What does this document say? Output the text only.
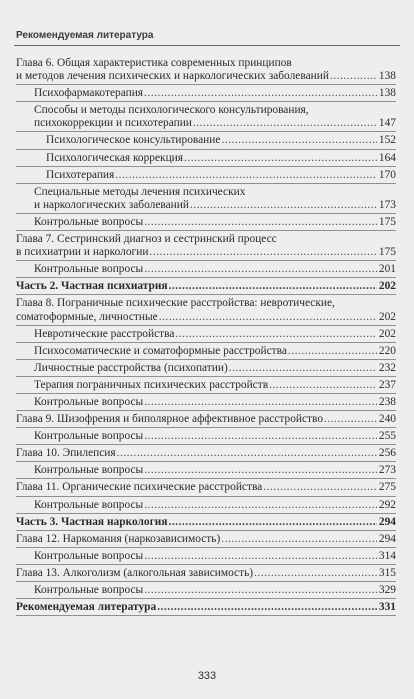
Рекомендуемая литература
Глава 6. Общая характеристика современных принципов
и методов лечения психических и наркологических заболеваний .....	138
Психофармакотерапия .....	138
Способы и методы психологического консультирования,
психокоррекции и психотерапии .....	147
Психологическое консультирование .....	152
Психологическая коррекция .....	164
Психотерапия .....	170
Специальные методы лечения психических
и наркологических заболеваний .....	173
Контрольные вопросы .....	175
Глава 7. Сестринский диагноз и сестринский процесс
в психиатрии и наркологии .....	175
Контрольные вопросы .....	201
Часть 2. Частная психиатрия .....	202
Глава 8. Пограничные психические расстройства: невротические,
соматоформные, личностные .....	202
Невротические расстройства .....	202
Психосоматические и соматоформные расстройства .....	220
Личностные расстройства (психопатии) .....	232
Терапия пограничных психических расстройств .....	237
Контрольные вопросы .....	238
Глава 9. Шизофрения и биполярное аффективное расстройство .....	240
Контрольные вопросы .....	255
Глава 10. Эпилепсия .....	256
Контрольные вопросы .....	273
Глава 11. Органические психические расстройства .....	275
Контрольные вопросы .....	292
Часть 3. Частная наркология .....	294
Глава 12. Наркомания (наркозависимость) .....	294
Контрольные вопросы .....	314
Глава 13. Алкоголизм (алкогольная зависимость) .....	315
Контрольные вопросы .....	329
Рекомендуемая литература .....	331
333
